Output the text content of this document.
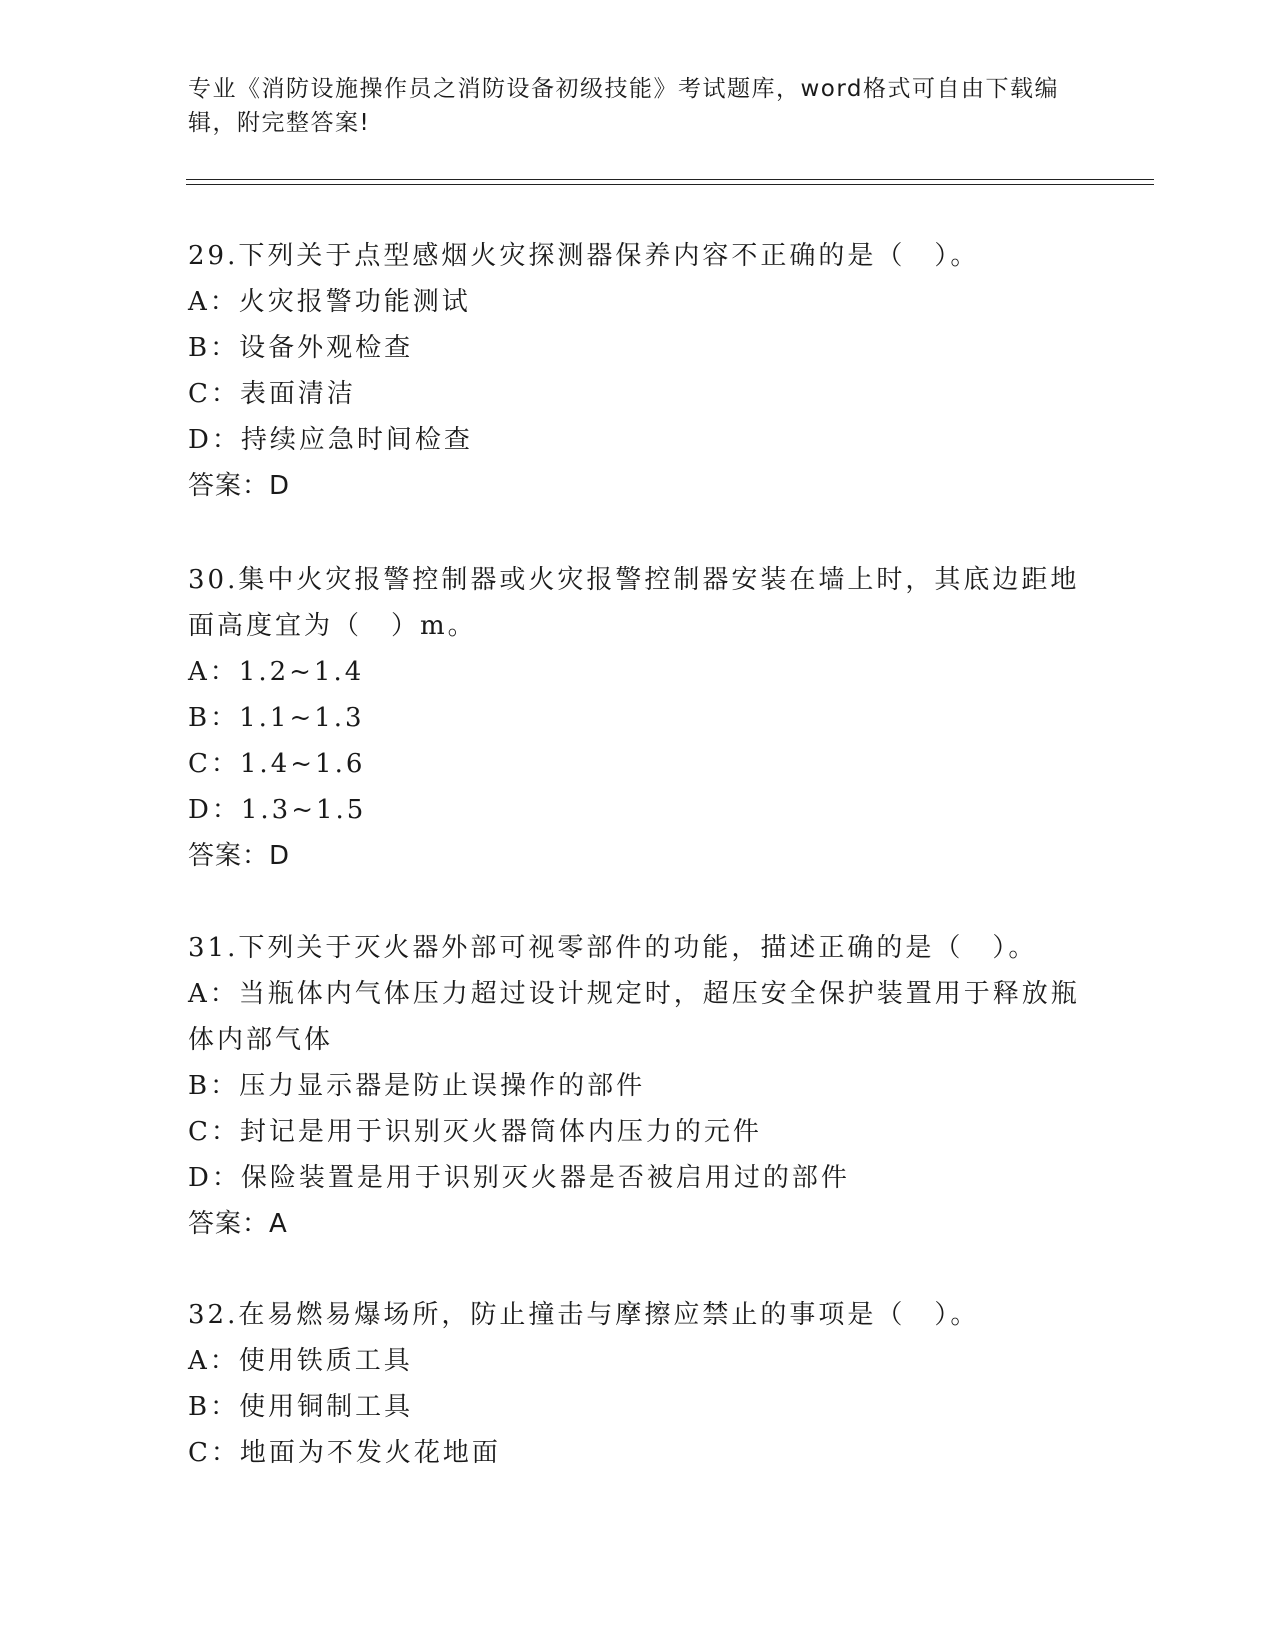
专业《消防设施操作员之消防设备初级技能》考试题库，word格式可自由下载编辑，附完整答案!
29.下列关于点型感烟火灾探测器保养内容不正确的是（　）。
A：火灾报警功能测试
B：设备外观检查
C：表面清洁
D：持续应急时间检查
答案：D
30.集中火灾报警控制器或火灾报警控制器安装在墙上时，其底边距地面高度宜为（　）m。
A：1.2~1.4
B：1.1~1.3
C：1.4~1.6
D：1.3~1.5
答案：D
31.下列关于灭火器外部可视零部件的功能，描述正确的是（　）。
A：当瓶体内气体压力超过设计规定时，超压安全保护装置用于释放瓶体内部气体
B：压力显示器是防止误操作的部件
C：封记是用于识别灭火器筒体内压力的元件
D：保险装置是用于识别灭火器是否被启用过的部件
答案：A
32.在易燃易爆场所，防止撞击与摩擦应禁止的事项是（　）。
A：使用铁质工具
B：使用铜制工具
C：地面为不发火花地面
